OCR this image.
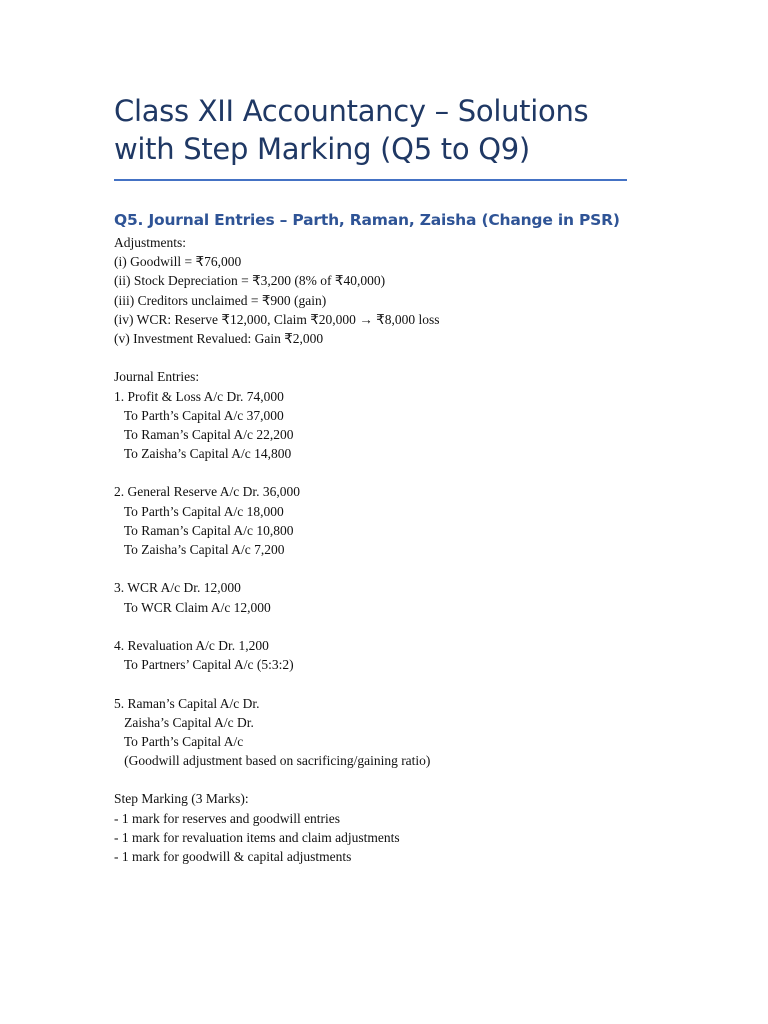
Class XII Accountancy – Solutions with Step Marking (Q5 to Q9)
Q5. Journal Entries – Parth, Raman, Zaisha (Change in PSR)
Adjustments:
(i) Goodwill = ₹76,000
(ii) Stock Depreciation = ₹3,200 (8% of ₹40,000)
(iii) Creditors unclaimed = ₹900 (gain)
(iv) WCR: Reserve ₹12,000, Claim ₹20,000 → ₹8,000 loss
(v) Investment Revalued: Gain ₹2,000
Journal Entries:
1. Profit & Loss A/c Dr. 74,000
To Parth’s Capital A/c 37,000
To Raman’s Capital A/c 22,200
To Zaisha’s Capital A/c 14,800
2. General Reserve A/c Dr. 36,000
To Parth’s Capital A/c 18,000
To Raman’s Capital A/c 10,800
To Zaisha’s Capital A/c 7,200
3. WCR A/c Dr. 12,000
To WCR Claim A/c 12,000
4. Revaluation A/c Dr. 1,200
To Partners’ Capital A/c (5:3:2)
5. Raman’s Capital A/c Dr.
Zaisha’s Capital A/c Dr.
To Parth’s Capital A/c
(Goodwill adjustment based on sacrificing/gaining ratio)
Step Marking (3 Marks):
- 1 mark for reserves and goodwill entries
- 1 mark for revaluation items and claim adjustments
- 1 mark for goodwill & capital adjustments
